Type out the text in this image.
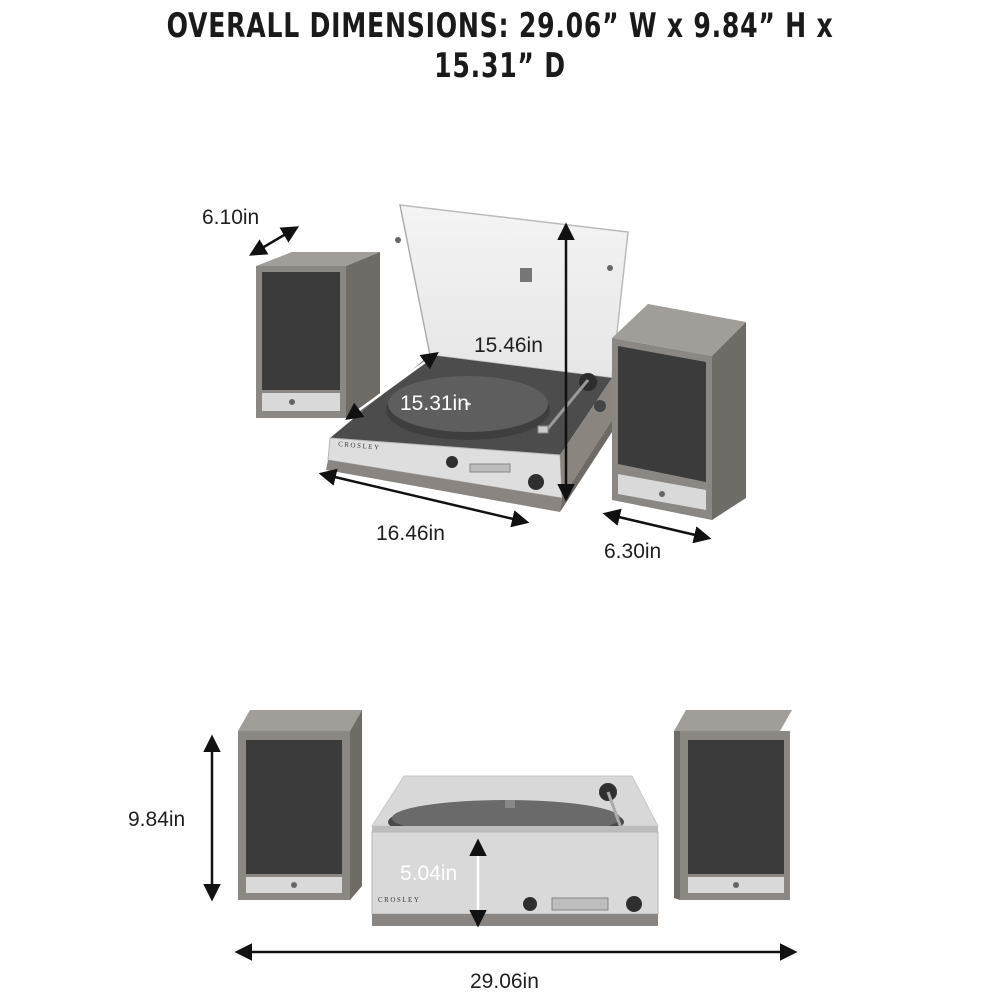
OVERALL DIMENSIONS: 29.06” W x 9.84” H x 15.31” D
CROSLEY
6.10in
15.46in
15.31in
16.46in
6.30in
CROSLEY
9.84in
5.04in
29.06in
